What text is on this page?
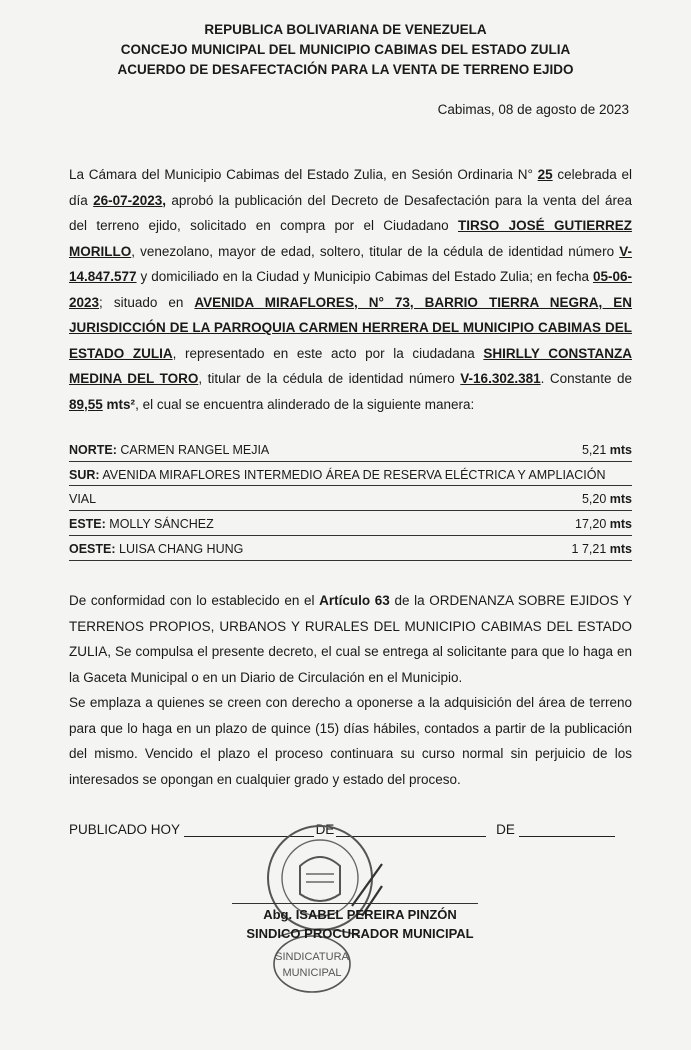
REPUBLICA BOLIVARIANA DE VENEZUELA
CONCEJO MUNICIPAL DEL MUNICIPIO CABIMAS DEL ESTADO ZULIA
ACUERDO DE DESAFECTACIÓN PARA LA VENTA DE TERRENO EJIDO
Cabimas, 08 de agosto de 2023
La Cámara del Municipio Cabimas del Estado Zulia, en Sesión Ordinaria N° 25 celebrada el día 26-07-2023, aprobó la publicación del Decreto de Desafectación para la venta del área del terreno ejido, solicitado en compra por el Ciudadano TIRSO JOSÉ GUTIERREZ MORILLO, venezolano, mayor de edad, soltero, titular de la cédula de identidad número V-14.847.577 y domiciliado en la Ciudad y Municipio Cabimas del Estado Zulia; en fecha 05-06-2023; situado en AVENIDA MIRAFLORES, N° 73, BARRIO TIERRA NEGRA, EN JURISDICCIÓN DE LA PARROQUIA CARMEN HERRERA DEL MUNICIPIO CABIMAS DEL ESTADO ZULIA, representado en este acto por la ciudadana SHIRLLY CONSTANZA MEDINA DEL TORO, titular de la cédula de identidad número V-16.302.381. Constante de 89,55 mts², el cual se encuentra alinderado de la siguiente manera:
NORTE: CARMEN RANGEL MEJIA	5,21 mts
SUR: AVENIDA MIRAFLORES INTERMEDIO ÁREA DE RESERVA ELÉCTRICA Y AMPLIACIÓN
VIAL	5,20 mts
ESTE: MOLLY SÁNCHEZ	17,20 mts
OESTE: LUISA CHANG HUNG	1 7,21 mts
De conformidad con lo establecido en el Artículo 63 de la ORDENANZA SOBRE EJIDOS Y TERRENOS PROPIOS, URBANOS Y RURALES DEL MUNICIPIO CABIMAS DEL ESTADO ZULIA, Se compulsa el presente decreto, el cual se entrega al solicitante para que lo haga en la Gaceta Municipal o en un Diario de Circulación en el Municipio.
Se emplaza a quienes se creen con derecho a oponerse a la adquisición del área de terreno para que lo haga en un plazo de quince (15) días hábiles, contados a partir de la publicación del mismo. Vencido el plazo el proceso continuara su curso normal sin perjuicio de los interesados se opongan en cualquier grado y estado del proceso.
PUBLICADO HOY	DE	DE
SINDICATURA
MUNICIPAL
Abg. ISABEL PEREIRA PINZÓN
SINDICO PROCURADOR MUNICIPAL
